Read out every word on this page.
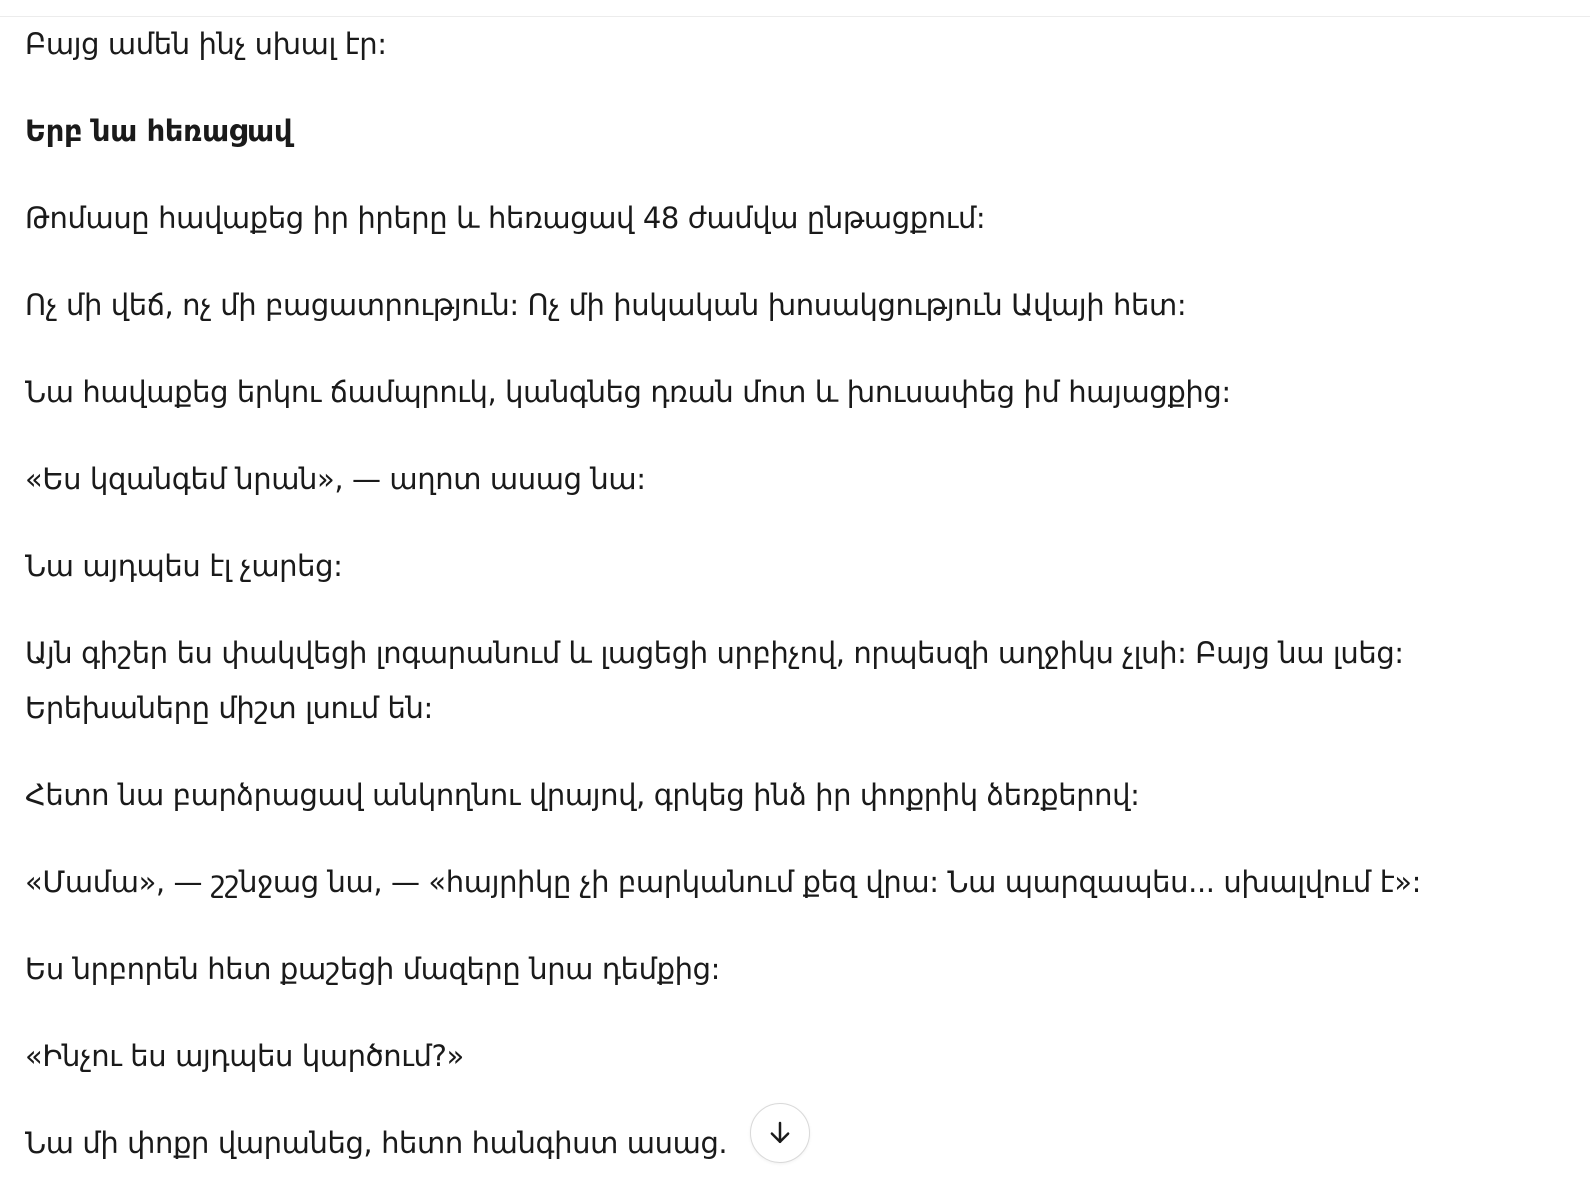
Բայց ամեն ինչ սխալ էր:

Երբ նա հեռացավ

Թոմասը հավաքեց իր իրերը և հեռացավ 48 ժամվա ընթացքում:

Ոչ մի վեճ, ոչ մի բացատրություն: Ոչ մի իսկական խոսակցություն Ավայի հետ:

Նա հավաքեց երկու ճամպրուկ, կանգնեց դռան մոտ և խուսափեց իմ հայացքից:

«Ես կզանգեմ նրան», — աղոտ ասաց նա:

Նա այդպես էլ չարեց:

Այն գիշեր ես փակվեցի լոգարանում և լացեցի սրբիչով, որպեսզի աղջիկս չլսի: Բայց նա լսեց:
Երեխաները միշտ լսում են:

Հետո նա բարձրացավ անկողնու վրայով, գրկեց ինձ իր փոքրիկ ձեռքերով:

«Մամա», — շշնջաց նա, — «հայրիկը չի բարկանում քեզ վրա: Նա պարզապես... սխալվում է»:

Ես նրբորեն հետ քաշեցի մազերը նրա դեմքից:

«Ինչու ես այդպես կարծում?»

Նա մի փոքր վարանեց, հետո հանգիստ ասաց.
